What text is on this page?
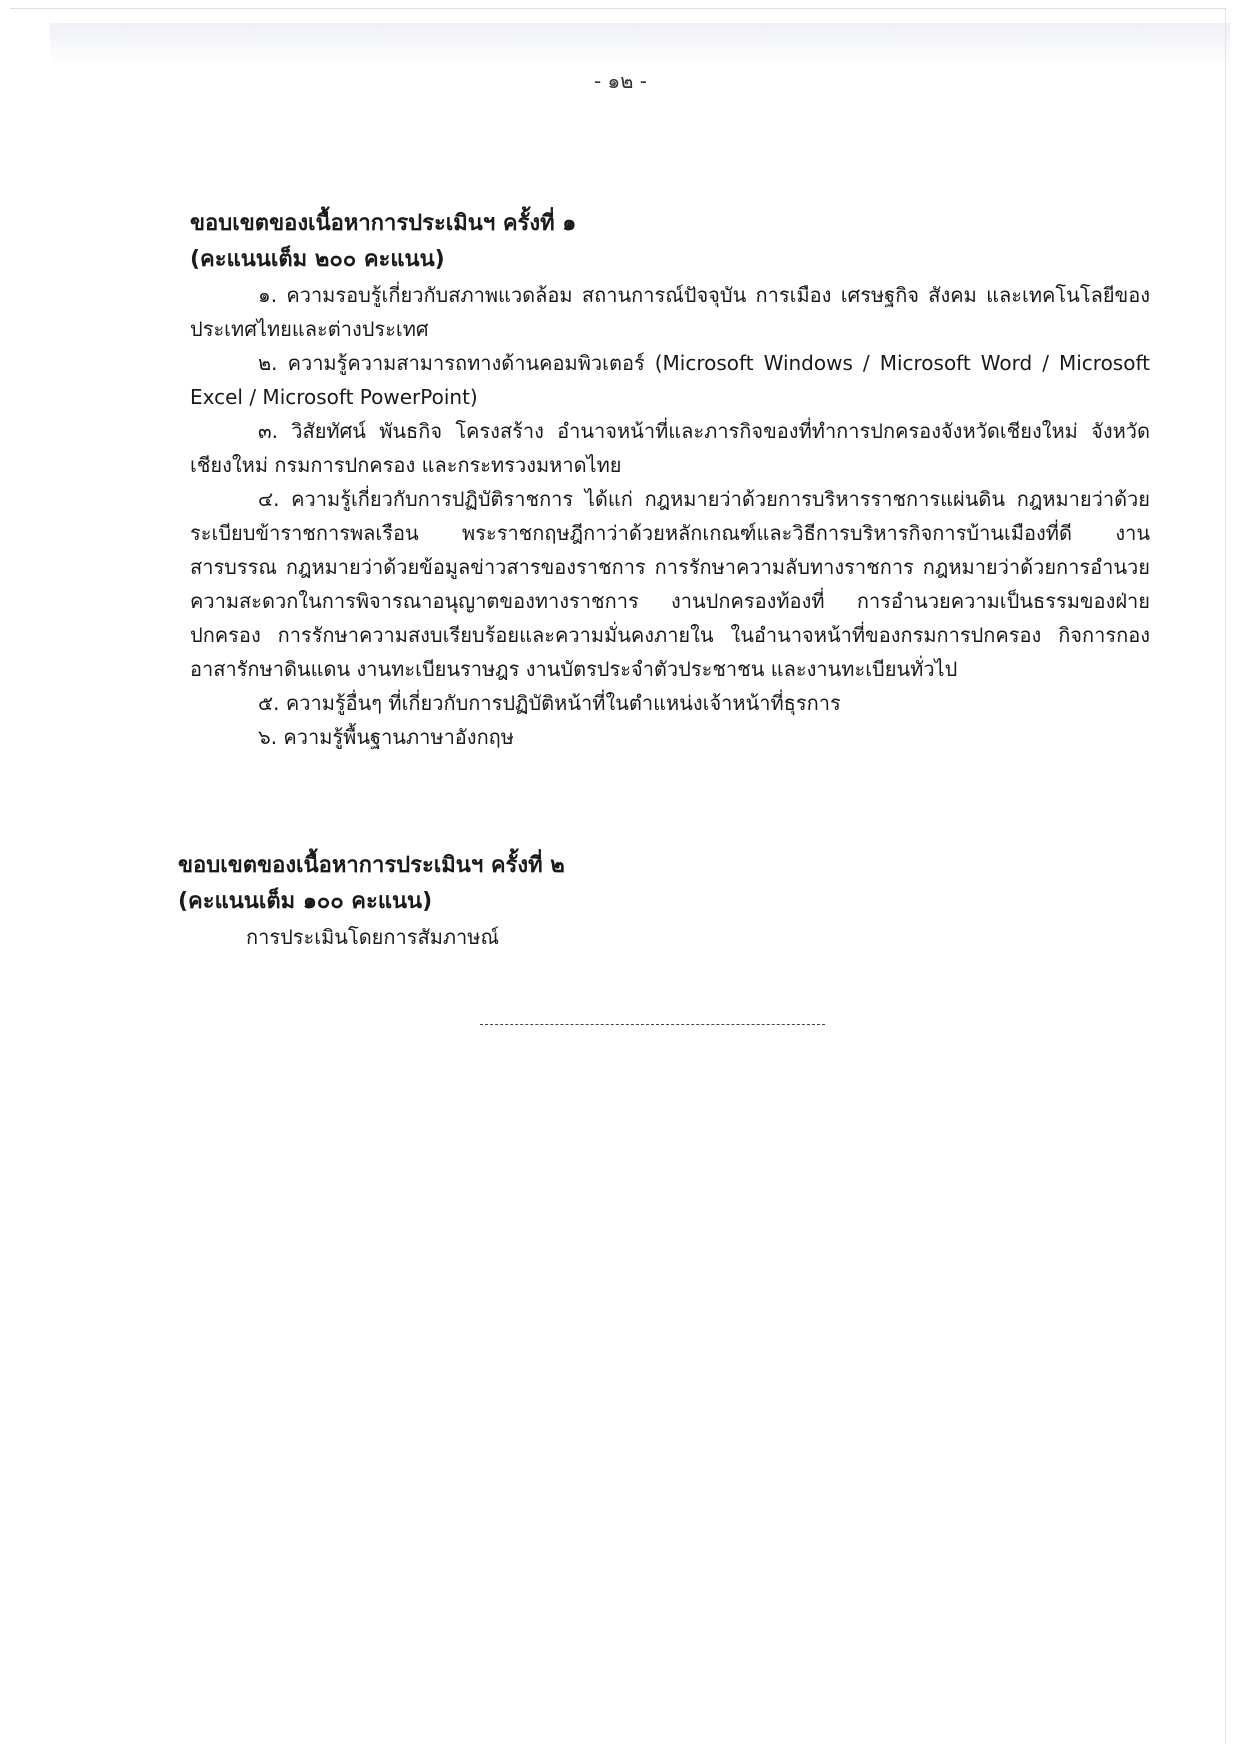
- ๑๒ -
ขอบเขตของเนื้อหาการประเมินฯ ครั้งที่ ๑
(คะแนนเต็ม ๒๐๐ คะแนน)
๑. ความรอบรู้เกี่ยวกับสภาพแวดล้อม สถานการณ์ปัจจุบัน การเมือง เศรษฐกิจ สังคม และเทคโนโลยีของประเทศไทยและต่างประเทศ
๒. ความรู้ความสามารถทางด้านคอมพิวเตอร์ (Microsoft Windows / Microsoft Word / Microsoft Excel / Microsoft PowerPoint)
๓. วิสัยทัศน์ พันธกิจ โครงสร้าง อำนาจหน้าที่และภารกิจของที่ทำการปกครองจังหวัดเชียงใหม่ จังหวัดเชียงใหม่ กรมการปกครอง และกระทรวงมหาดไทย
๔. ความรู้เกี่ยวกับการปฏิบัติราชการ ได้แก่ กฎหมายว่าด้วยการบริหารราชการแผ่นดิน กฎหมายว่าด้วยระเบียบข้าราชการพลเรือน พระราชกฤษฎีกาว่าด้วยหลักเกณฑ์และวิธีการบริหารกิจการบ้านเมืองที่ดี งานสารบรรณ กฎหมายว่าด้วยข้อมูลข่าวสารของราชการ การรักษาความลับทางราชการ กฎหมายว่าด้วยการอำนวยความสะดวกในการพิจารณาอนุญาตของทางราชการ งานปกครองท้องที่ การอำนวยความเป็นธรรมของฝ่ายปกครอง การรักษาความสงบเรียบร้อยและความมั่นคงภายใน ในอำนาจหน้าที่ของกรมการปกครอง กิจการกองอาสารักษาดินแดน งานทะเบียนราษฎร งานบัตรประจำตัวประชาชน และงานทะเบียนทั่วไป
๕. ความรู้อื่นๆ ที่เกี่ยวกับการปฏิบัติหน้าที่ในตำแหน่งเจ้าหน้าที่ธุรการ
๖. ความรู้พื้นฐานภาษาอังกฤษ
ขอบเขตของเนื้อหาการประเมินฯ ครั้งที่ ๒
(คะแนนเต็ม ๑๐๐ คะแนน)
การประเมินโดยการสัมภาษณ์
